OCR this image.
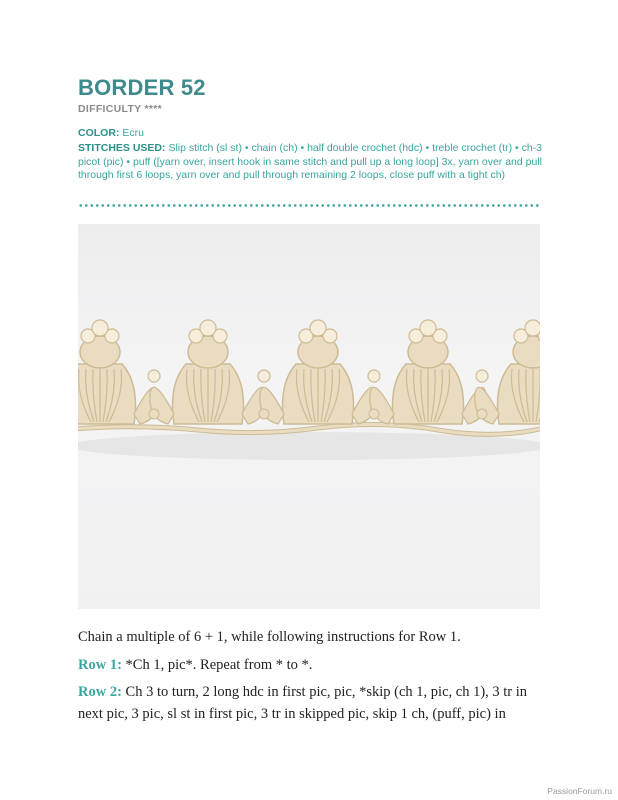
BORDER 52
DIFFICULTY ****
COLOR: Ecru
STITCHES USED: Slip stitch (sl st) • chain (ch) • half double crochet (hdc) • treble crochet (tr) • ch-3 picot (pic) • puff ([yarn over, insert hook in same stitch and pull up a long loop] 3x, yarn over and pull through first 6 loops, yarn over and pull through remaining 2 loops, close puff with a tight ch)
Chain a multiple of 6 + 1, while following instructions for Row 1.
Row 1: *Ch 1, pic*. Repeat from * to *.
Row 2: Ch 3 to turn, 2 long hdc in first pic, pic, *skip (ch 1, pic, ch 1), 3 tr in next pic, 3 pic, sl st in first pic, 3 tr in skipped pic, skip 1 ch, (puff, pic) in
PassionForum.ru
